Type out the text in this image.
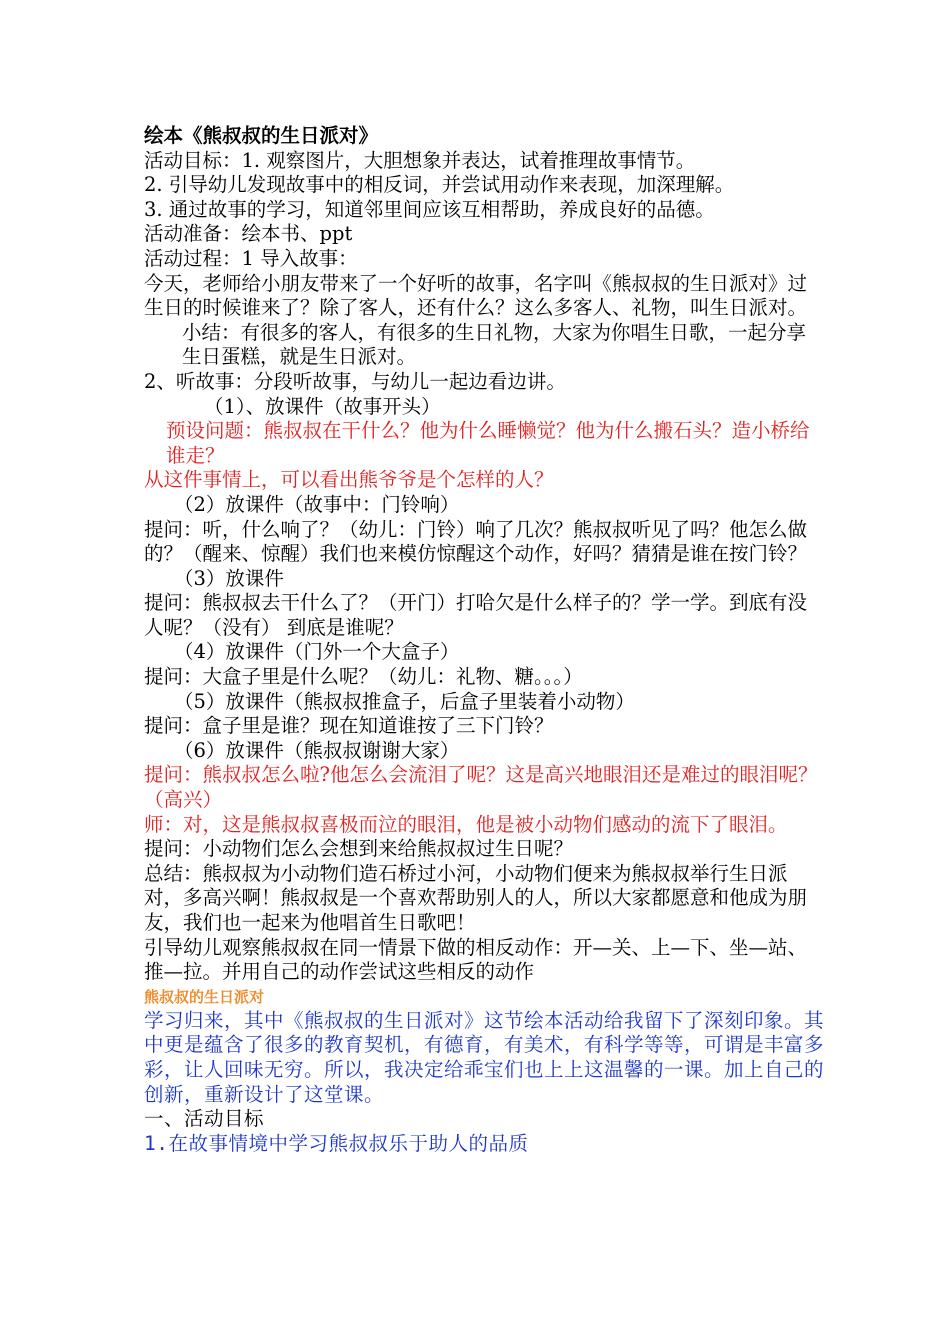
绘本《熊叔叔的生日派对》

活动目标：1. 观察图片，大胆想象并表达，试着推理故事情节。

2. 引导幼儿发现故事中的相反词，并尝试用动作来表现，加深理解。

3. 通过故事的学习，知道邻里间应该互相帮助，养成良好的品德。

活动准备：绘本书、ppt

活动过程：1 导入故事：

今天，老师给小朋友带来了一个好听的故事，名字叫《熊叔叔的生日派对》过生日的时候谁来了？除了客人，还有什么？这么多客人、礼物，叫生日派对。

小结：有很多的客人，有很多的生日礼物，大家为你唱生日歌，一起分享生日蛋糕，就是生日派对。

2、听故事：分段听故事，与幼儿一起边看边讲。

（1）、放课件（故事开头）

预设问题：熊叔叔在干什么？他为什么睡懒觉？他为什么搬石头？造小桥给谁走？

从这件事情上，可以看出熊爷爷是个怎样的人？

（2）放课件（故事中：门铃响）

提问：听，什么响了？（幼儿：门铃）响了几次？熊叔叔听见了吗？他怎么做的？（醒来、惊醒）我们也来模仿惊醒这个动作，好吗？猜猜是谁在按门铃？

（3）放课件

提问：熊叔叔去干什么了？（开门）打哈欠是什么样子的？学一学。到底有没人呢？（没有） 到底是谁呢？

（4）放课件（门外一个大盒子）

提问：大盒子里是什么呢？（幼儿：礼物、糖。。。）

（5）放课件（熊叔叔推盒子，后盒子里装着小动物）

提问：盒子里是谁？现在知道谁按了三下门铃？

（6）放课件（熊叔叔谢谢大家）

提问：熊叔叔怎么啦?他怎么会流泪了呢？这是高兴地眼泪还是难过的眼泪呢？（高兴）

师：对，这是熊叔叔喜极而泣的眼泪，他是被小动物们感动的流下了眼泪。

提问：小动物们怎么会想到来给熊叔叔过生日呢？

总结：熊叔叔为小动物们造石桥过小河，小动物们便来为熊叔叔举行生日派对，多高兴啊！熊叔叔是一个喜欢帮助别人的人，所以大家都愿意和他成为朋友，我们也一起来为他唱首生日歌吧！

引导幼儿观察熊叔叔在同一情景下做的相反动作：开—关、上—下、坐—站、推—拉。并用自己的动作尝试这些相反的动作

熊叔叔的生日派对

学习归来，其中《熊叔叔的生日派对》这节绘本活动给我留下了深刻印象。其中更是蕴含了很多的教育契机，有德育，有美术，有科学等等，可谓是丰富多彩，让人回味无穷。所以，我决定给乖宝们也上上这温馨的一课。加上自己的创新，重新设计了这堂课。

一、活动目标

1.在故事情境中学习熊叔叔乐于助人的品质
